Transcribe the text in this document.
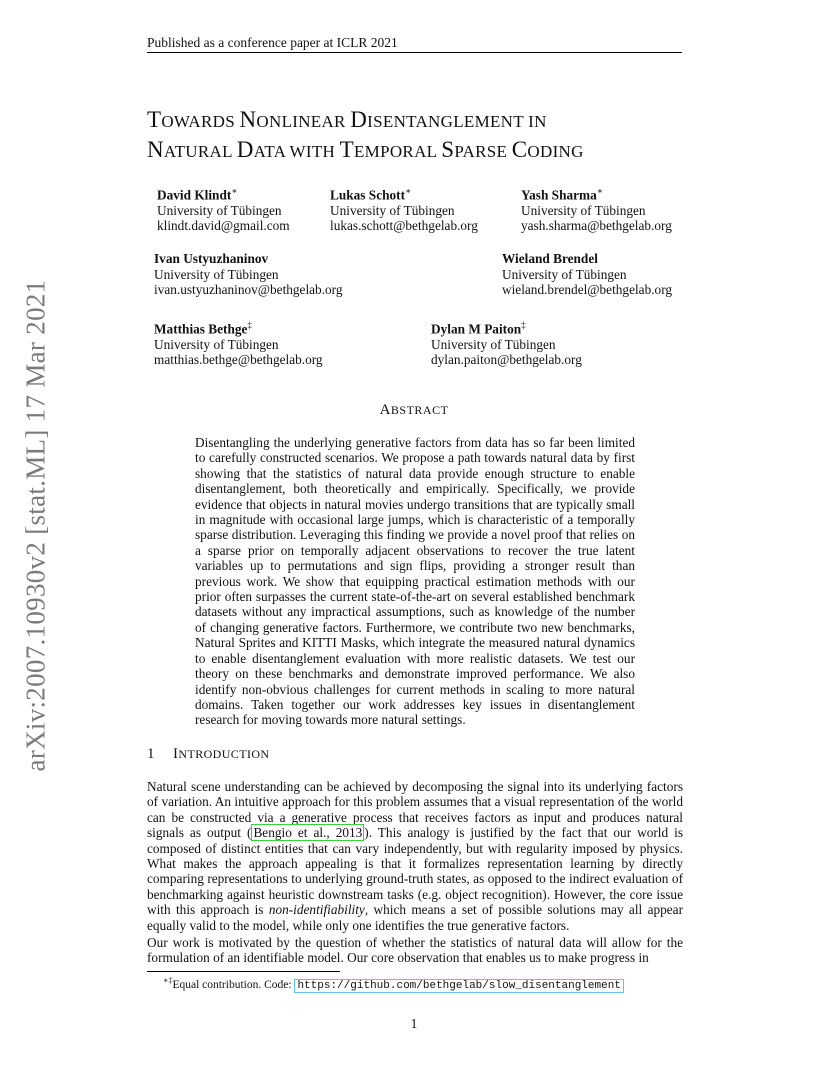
Published as a conference paper at ICLR 2021
arXiv:2007.10930v2 [stat.ML] 17 Mar 2021
TOWARDS NONLINEAR DISENTANGLEMENT IN
NATURAL DATA WITH TEMPORAL SPARSE CODING
David Klindt∗
University of Tübingen
klindt.david@gmail.com
Lukas Schott∗
University of Tübingen
lukas.schott@bethgelab.org
Yash Sharma∗
University of Tübingen
yash.sharma@bethgelab.org
Ivan Ustyuzhaninov
University of Tübingen
ivan.ustyuzhaninov@bethgelab.org
Wieland Brendel
University of Tübingen
wieland.brendel@bethgelab.org
Matthias Bethge‡
University of Tübingen
matthias.bethge@bethgelab.org
Dylan M Paiton‡
University of Tübingen
dylan.paiton@bethgelab.org
ABSTRACT
Disentangling the underlying generative factors from data has so far been limited to carefully constructed scenarios. We propose a path towards natural data by first showing that the statistics of natural data provide enough structure to enable disentanglement, both theoretically and empirically. Specifically, we provide evidence that objects in natural movies undergo transitions that are typically small in magnitude with occasional large jumps, which is characteristic of a temporally sparse distribution. Leveraging this finding we provide a novel proof that relies on a sparse prior on temporally adjacent observations to recover the true latent variables up to permutations and sign flips, providing a stronger result than previous work. We show that equipping practical estimation methods with our prior often surpasses the current state-of-the-art on several established benchmark datasets without any impractical assumptions, such as knowledge of the number of changing generative factors. Furthermore, we contribute two new benchmarks, Natural Sprites and KITTI Masks, which integrate the measured natural dynamics to enable disentanglement evaluation with more realistic datasets. We test our theory on these benchmarks and demonstrate improved performance. We also identify non-obvious challenges for current methods in scaling to more natural domains. Taken together our work addresses key issues in disentanglement research for moving towards more natural settings.
1 INTRODUCTION
Natural scene understanding can be achieved by decomposing the signal into its underlying factors of variation. An intuitive approach for this problem assumes that a visual representation of the world can be constructed via a generative process that receives factors as input and produces natural signals as output ( Bengio et al., 2013 ). This analogy is justified by the fact that our world is composed of distinct entities that can vary independently, but with regularity imposed by physics. What makes the approach appealing is that it formalizes representation learning by directly comparing representations to underlying ground-truth states, as opposed to the indirect evaluation of benchmarking against heuristic downstream tasks (e.g. object recognition). However, the core issue with this approach is non-identifiability, which means a set of possible solutions may all appear equally valid to the model, while only one identifies the true generative factors.
Our work is motivated by the question of whether the statistics of natural data will allow for the formulation of an identifiable model. Our core observation that enables us to make progress in
∗‡Equal contribution. Code: https://github.com/bethgelab/slow_disentanglement
1
